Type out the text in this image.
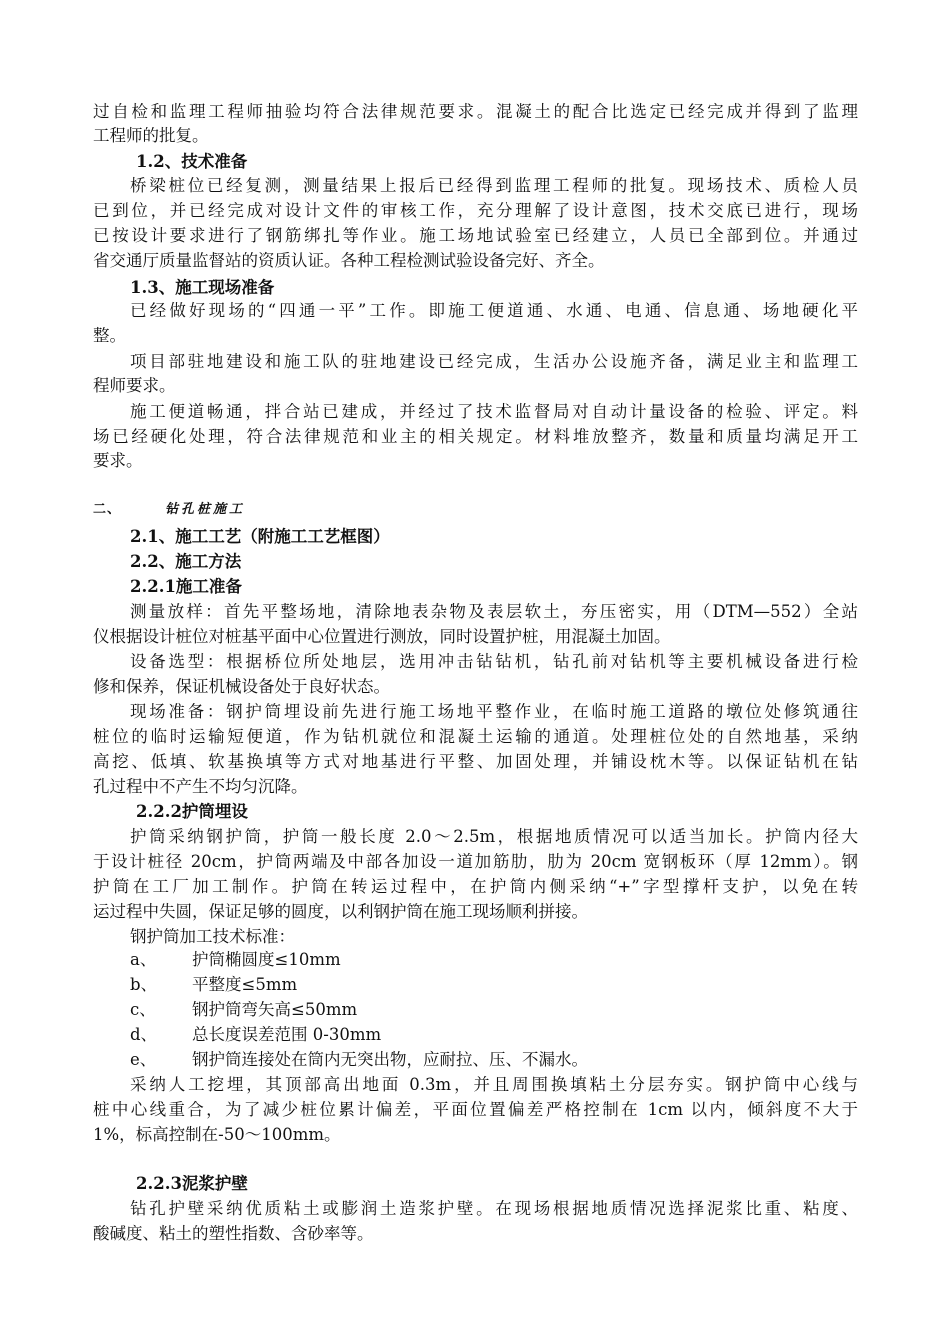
过自检和监理工程师抽验均符合法律规范要求。混凝土的配合比选定已经完成并得到了监理
工程师的批复。
1.2、技术准备
桥梁桩位已经复测，测量结果上报后已经得到监理工程师的批复。现场技术、质检人员
已到位，并已经完成对设计文件的审核工作，充分理解了设计意图，技术交底已进行，现场
已按设计要求进行了钢筋绑扎等作业。施工场地试验室已经建立，人员已全部到位。并通过
省交通厅质量监督站的资质认证。各种工程检测试验设备完好、齐全。
1.3、施工现场准备
已经做好现场的“四通一平”工作。即施工便道通、水通、电通、信息通、场地硬化平
整。
项目部驻地建设和施工队的驻地建设已经完成，生活办公设施齐备，满足业主和监理工
程师要求。
施工便道畅通，拌合站已建成，并经过了技术监督局对自动计量设备的检验、评定。料
场已经硬化处理，符合法律规范和业主的相关规定。材料堆放整齐，数量和质量均满足开工
要求。
二、	钻孔桩施工
2.1、施工工艺（附施工工艺框图）
2.2、施工方法
2.2.1施工准备
测量放样：首先平整场地，清除地表杂物及表层软土，夯压密实，用（DTM—552）全站
仪根据设计桩位对桩基平面中心位置进行测放，同时设置护桩，用混凝土加固。
设备选型：根据桥位所处地层，选用冲击钻钻机，钻孔前对钻机等主要机械设备进行检
修和保养，保证机械设备处于良好状态。
现场准备：钢护筒埋设前先进行施工场地平整作业，在临时施工道路的墩位处修筑通往
桩位的临时运输短便道，作为钻机就位和混凝土运输的通道。处理桩位处的自然地基，采纳
高挖、低填、软基换填等方式对地基进行平整、加固处理，并铺设枕木等。以保证钻机在钻
孔过程中不产生不均匀沉降。
2.2.2护筒埋设
护筒采纳钢护筒，护筒一般长度 2.0～2.5m，根据地质情况可以适当加长。护筒内径大
于设计桩径 20cm，护筒两端及中部各加设一道加筋肋，肋为 20cm 宽钢板环（厚 12mm）。钢
护筒在工厂加工制作。护筒在转运过程中，在护筒内侧采纳“+”字型撑杆支护，以免在转
运过程中失圆，保证足够的圆度，以利钢护筒在施工现场顺利拼接。
钢护筒加工技术标准：
a、 护筒椭圆度≤10mm
b、 平整度≤5mm
c、 钢护筒弯矢高≤50mm
d、 总长度误差范围 0-30mm
e、 钢护筒连接处在筒内无突出物，应耐拉、压、不漏水。
采纳人工挖埋，其顶部高出地面 0.3m，并且周围换填粘土分层夯实。钢护筒中心线与
桩中心线重合，为了减少桩位累计偏差，平面位置偏差严格控制在 1cm 以内，倾斜度不大于
1%，标高控制在-50～100mm。
2.2.3泥浆护壁
钻孔护壁采纳优质粘土或膨润土造浆护壁。在现场根据地质情况选择泥浆比重、粘度、
酸碱度、粘土的塑性指数、含砂率等。
